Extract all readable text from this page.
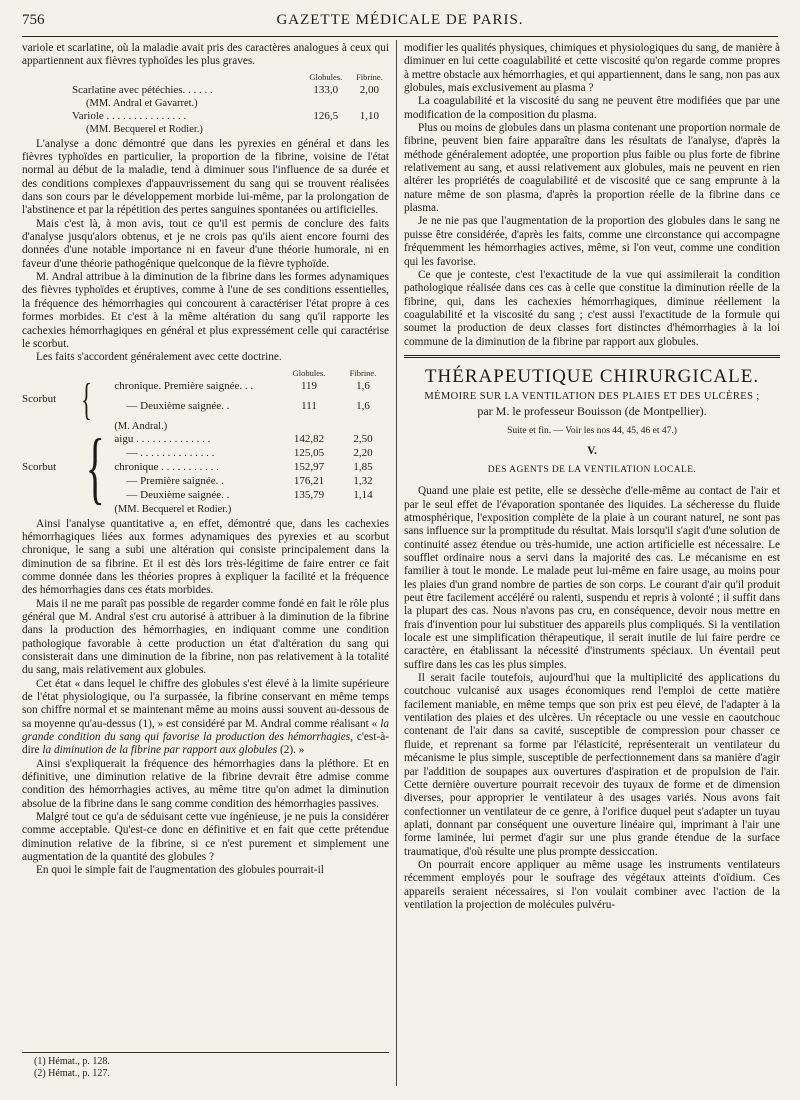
756	GAZETTE MÉDICALE DE PARIS.

variole et scarlatine, où la maladie avait pris des caractères analogues à ceux qui appartiennent aux fièvres typhoïdes les plus graves.

	Globules.	Fibrine.
Scarlatine avec pétéchies. . . . . .	133,0	2,00
(MM. Andral et Gavarret.)		
Variole . . . . . . . . . . . . . . .	126,5	1,10
(MM. Becquerel et Rodier.)		

L'analyse a donc démontré que dans les pyrexies en général et dans les fièvres typhoïdes en particulier, la proportion de la fibrine, voisine de l'état normal au début de la maladie, tend à diminuer sous l'influence de sa durée et des conditions complexes d'appauvrissement du sang qui se trouvent réalisées dans son cours par le développement morbide lui-même, par la prolongation de l'abstinence et par la répétition des pertes sanguines spontanées ou artificielles.

Mais c'est là, à mon avis, tout ce qu'il est permis de conclure des faits d'analyse jusqu'alors obtenus, et je ne crois pas qu'ils aient encore fourni des données d'une notable importance ni en faveur d'une théorie humorale, ni en faveur d'une théorie pathogénique quelconque de la fièvre typhoïde.

M. Andral attribue à la diminution de la fibrine dans les formes adynamiques des fièvres typhoïdes et éruptives, comme à l'une de ses conditions essentielles, la fréquence des hémorrhagies qui concourent à caractériser l'état propre à ces formes morbides. Et c'est à la même altération du sang qu'il rapporte les cachexies hémorrhagiques en général et plus expressément celle qui caractérise le scorbut.

Les faits s'accordent généralement avec cette doctrine.

			Globules.	Fibrine.
Scorbut	{	chronique. Première saignée. . .	119	1,6
		— Deuxième saignée. .	111	1,6
		(M. Andral.)		
Scorbut	{	aigu . . . . . . . . . . . . . .	142,82	2,50
		— . . . . . . . . . . . . . .	125,05	2,20
		chronique . . . . . . . . . . .	152,97	1,85
		— Première saignée. .	176,21	1,32
		— Deuxième saignée. .	135,79	1,14
		(MM. Becquerel et Rodier.)		

Ainsi l'analyse quantitative a, en effet, démontré que, dans les cachexies hémorrhagiques liées aux formes adynamiques des pyrexies et au scorbut chronique, le sang a subi une altération qui consiste principalement dans la diminution de sa fibrine. Et il est dès lors très-légitime de faire entrer ce fait comme donnée dans les théories propres à expliquer la facilité et la fréquence des hémorrhagies dans ces états morbides.

Mais il ne me paraît pas possible de regarder comme fondé en fait le rôle plus général que M. Andral s'est cru autorisé à attribuer à la diminution de la fibrine dans la production des hémorrhagies, en indiquant comme une condition pathologique favorable à cette production un état d'altération du sang qui consisterait dans une diminution de la fibrine, non pas relativement à la totalité du sang, mais relativement aux globules.

Cet état « dans lequel le chiffre des globules s'est élevé à la limite supérieure de l'état physiologique, ou l'a surpassée, la fibrine conservant en même temps son chiffre normal et se maintenant même au moins aussi souvent au-dessous de sa moyenne qu'au-dessus (1), » est considéré par M. Andral comme réalisant « la grande condition du sang qui favorise la production des hémorrhagies, c'est-à-dire la diminution de la fibrine par rapport aux globules (2). »

Ainsi s'expliquerait la fréquence des hémorrhagies dans la pléthore. Et en définitive, une diminution relative de la fibrine devrait être admise comme condition des hémorrhagies actives, au même titre qu'on admet la diminution absolue de la fibrine dans le sang comme condition des hémorrhagies passives.

Malgré tout ce qu'a de séduisant cette vue ingénieuse, je ne puis la considérer comme acceptable. Qu'est-ce donc en définitive et en fait que cette prétendue diminution relative de la fibrine, si ce n'est purement et simplement une augmentation de la quantité des globules ?

En quoi le simple fait de l'augmentation des globules pourrait-il

(1) Hémat., p. 128.
(2) Hémat., p. 127.

modifier les qualités physiques, chimiques et physiologiques du sang, de manière à diminuer en lui cette coagulabilité et cette viscosité qu'on regarde comme propres à mettre obstacle aux hémorrhagies, et qui appartiennent, dans le sang, non pas aux globules, mais exclusivement au plasma ?

La coagulabilité et la viscosité du sang ne peuvent être modifiées que par une modification de la composition du plasma.

Plus ou moins de globules dans un plasma contenant une proportion normale de fibrine, peuvent bien faire apparaître dans les résultats de l'analyse, d'après la méthode généralement adoptée, une proportion plus faible ou plus forte de fibrine relativement au sang, et aussi relativement aux globules, mais ne peuvent en rien altérer les propriétés de coagulabilité et de viscosité que ce sang emprunte à la nature même de son plasma, d'après la proportion réelle de la fibrine dans ce plasma.

Je ne nie pas que l'augmentation de la proportion des globules dans le sang ne puisse être considérée, d'après les faits, comme une circonstance qui accompagne fréquemment les hémorrhagies actives, même, si l'on veut, comme une condition qui les favorise.

Ce que je conteste, c'est l'exactitude de la vue qui assimilerait la condition pathologique réalisée dans ces cas à celle que constitue la diminution réelle de la fibrine, qui, dans les cachexies hémorrhagiques, diminue réellement la coagulabilité et la viscosité du sang ; c'est aussi l'exactitude de la formule qui soumet la production de deux classes fort distinctes d'hémorrhagies à la loi commune de la diminution de la fibrine par rapport aux globules.

THÉRAPEUTIQUE CHIRURGICALE.
MÉMOIRE SUR LA VENTILATION DES PLAIES ET DES ULCÈRES ;
par M. le professeur Bouisson (de Montpellier).
Suite et fin. — Voir les nos 44, 45, 46 et 47.)
V.
DES AGENTS DE LA VENTILATION LOCALE.

Quand une plaie est petite, elle se dessèche d'elle-même au contact de l'air et par le seul effet de l'évaporation spontanée des liquides. La sécheresse du fluide atmosphérique, l'exposition complète de la plaie à un courant naturel, ne sont pas sans influence sur la promptitude du résultat. Mais lorsqu'il s'agit d'une solution de continuité assez étendue ou très-humide, une action artificielle est nécessaire. Le soufflet ordinaire nous a servi dans la majorité des cas. Le mécanisme en est familier à tout le monde. Le malade peut lui-même en faire usage, au moins pour les plaies d'un grand nombre de parties de son corps. Le courant d'air qu'il produit peut être facilement accéléré ou ralenti, suspendu et repris à volonté ; il suffit dans la plupart des cas. Nous n'avons pas cru, en conséquence, devoir nous mettre en frais d'invention pour lui substituer des appareils plus compliqués. Si la ventilation locale est une simplification thérapeutique, il serait inutile de lui faire perdre ce caractère, en établissant la nécessité d'instruments spéciaux. Un éventail peut suffire dans les cas les plus simples.

Il serait facile toutefois, aujourd'hui que la multiplicité des applications du coutchouc vulcanisé aux usages économiques rend l'emploi de cette matière facilement maniable, en même temps que son prix est peu élevé, de l'adapter à la ventilation des plaies et des ulcères. Un réceptacle ou une vessie en caoutchouc contenant de l'air dans sa cavité, susceptible de compression pour chasser ce fluide, et reprenant sa forme par l'élasticité, représenterait un ventilateur du mécanisme le plus simple, susceptible de perfectionnement dans sa manière d'agir par l'addition de soupapes aux ouvertures d'aspiration et de propulsion de l'air. Cette dernière ouverture pourrait recevoir des tuyaux de forme et de dimension diverses, pour approprier le ventilateur à des usages variés. Nous avons fait confectionner un ventilateur de ce genre, à l'orifice duquel peut s'adapter un tuyau aplati, donnant par conséquent une ouverture linéaire qui, imprimant à l'air une forme laminée, lui permet d'agir sur une plus grande étendue de la surface traumatique, d'où résulte une plus prompte dessiccation.

On pourrait encore appliquer au même usage les instruments ventilateurs récemment employés pour le soufrage des végétaux atteints d'oïdium. Ces appareils seraient nécessaires, si l'on voulait combiner avec l'action de la ventilation la projection de molécules pulvéru-
